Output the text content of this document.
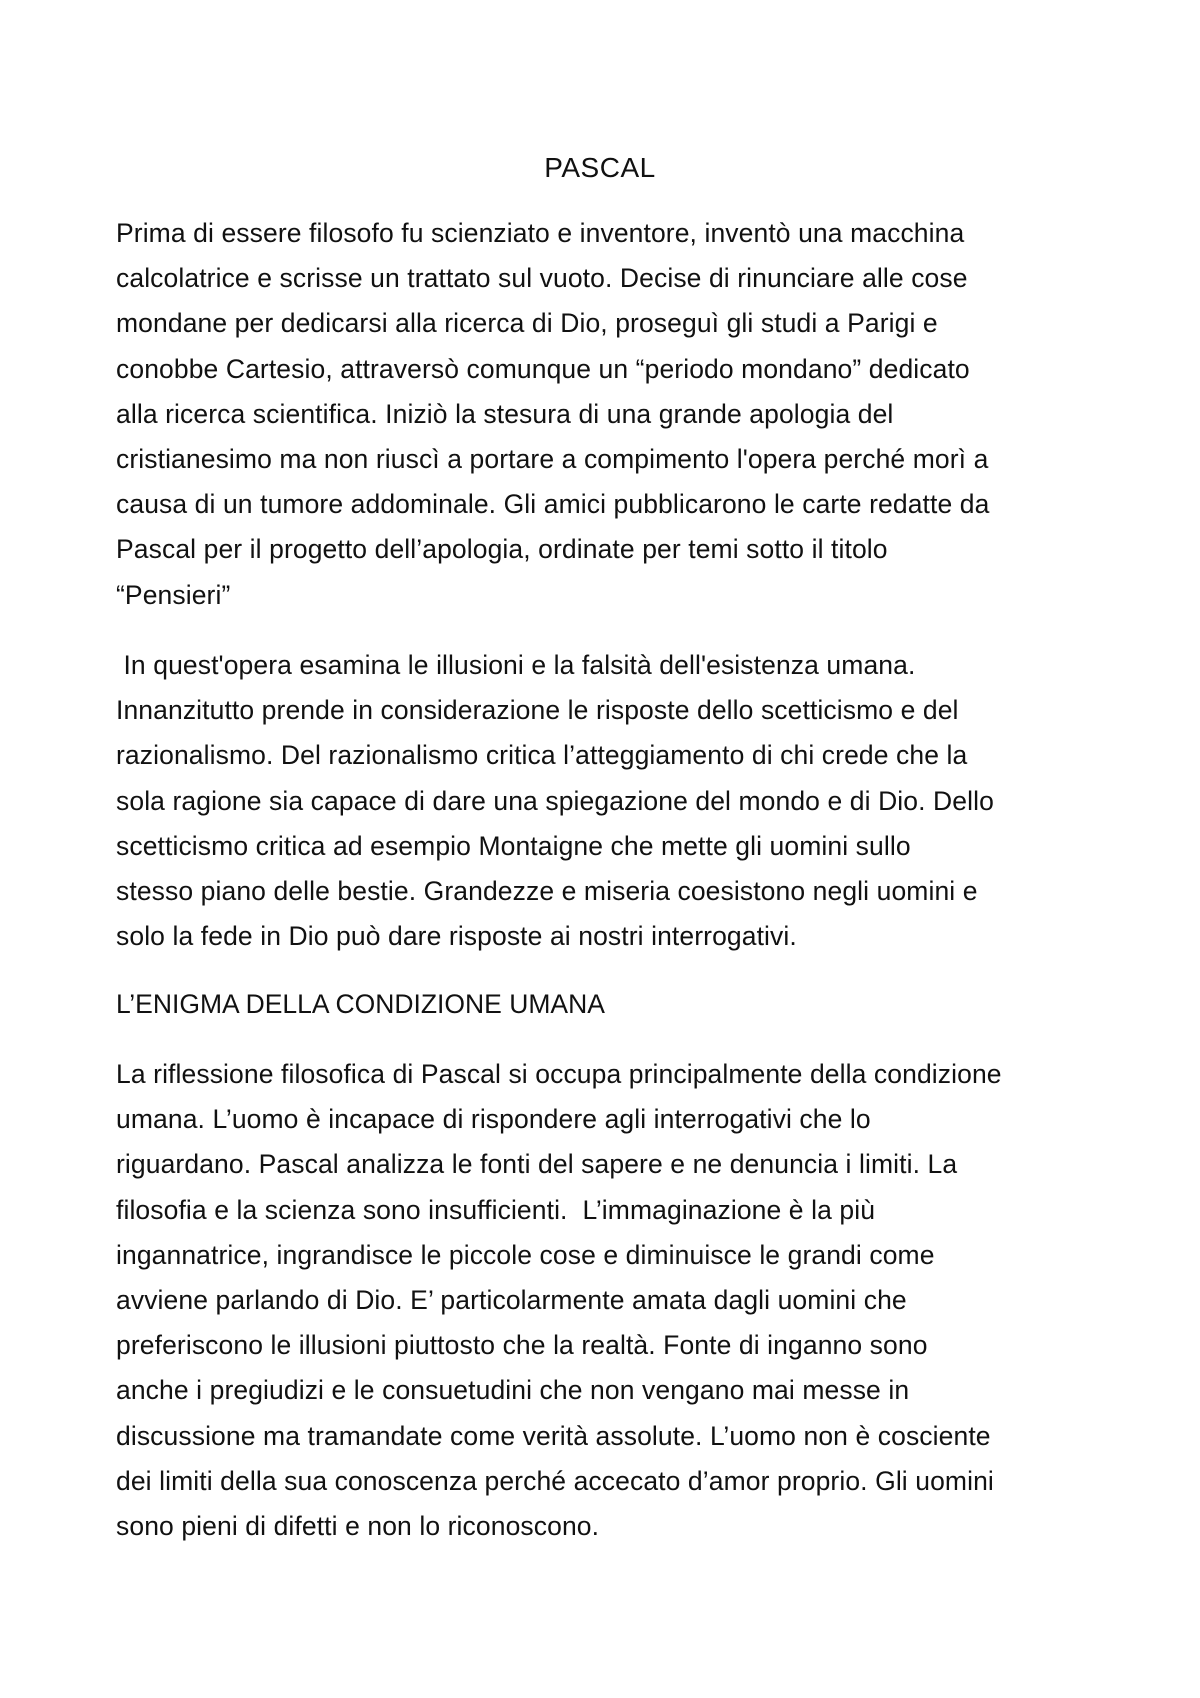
PASCAL
Prima di essere filosofo fu scienziato e inventore, inventò una macchina
calcolatrice e scrisse un trattato sul vuoto. Decise di rinunciare alle cose
mondane per dedicarsi alla ricerca di Dio, proseguì gli studi a Parigi e
conobbe Cartesio, attraversò comunque un “periodo mondano” dedicato
alla ricerca scientifica. Iniziò la stesura di una grande apologia del
cristianesimo ma non riuscì a portare a compimento l'opera perché morì a
causa di un tumore addominale. Gli amici pubblicarono le carte redatte da
Pascal per il progetto dell’apologia, ordinate per temi sotto il titolo
“Pensieri”
In quest'opera esamina le illusioni e la falsità dell'esistenza umana.
Innanzitutto prende in considerazione le risposte dello scetticismo e del
razionalismo. Del razionalismo critica l’atteggiamento di chi crede che la
sola ragione sia capace di dare una spiegazione del mondo e di Dio. Dello
scetticismo critica ad esempio Montaigne che mette gli uomini sullo
stesso piano delle bestie. Grandezze e miseria coesistono negli uomini e
solo la fede in Dio può dare risposte ai nostri interrogativi.
L’ENIGMA DELLA CONDIZIONE UMANA
La riflessione filosofica di Pascal si occupa principalmente della condizione
umana. L’uomo è incapace di rispondere agli interrogativi che lo
riguardano. Pascal analizza le fonti del sapere e ne denuncia i limiti. La
filosofia e la scienza sono insufficienti.  L’immaginazione è la più
ingannatrice, ingrandisce le piccole cose e diminuisce le grandi come
avviene parlando di Dio. E’ particolarmente amata dagli uomini che
preferiscono le illusioni piuttosto che la realtà. Fonte di inganno sono
anche i pregiudizi e le consuetudini che non vengano mai messe in
discussione ma tramandate come verità assolute. L’uomo non è cosciente
dei limiti della sua conoscenza perché accecato d’amor proprio. Gli uomini
sono pieni di difetti e non lo riconoscono.
